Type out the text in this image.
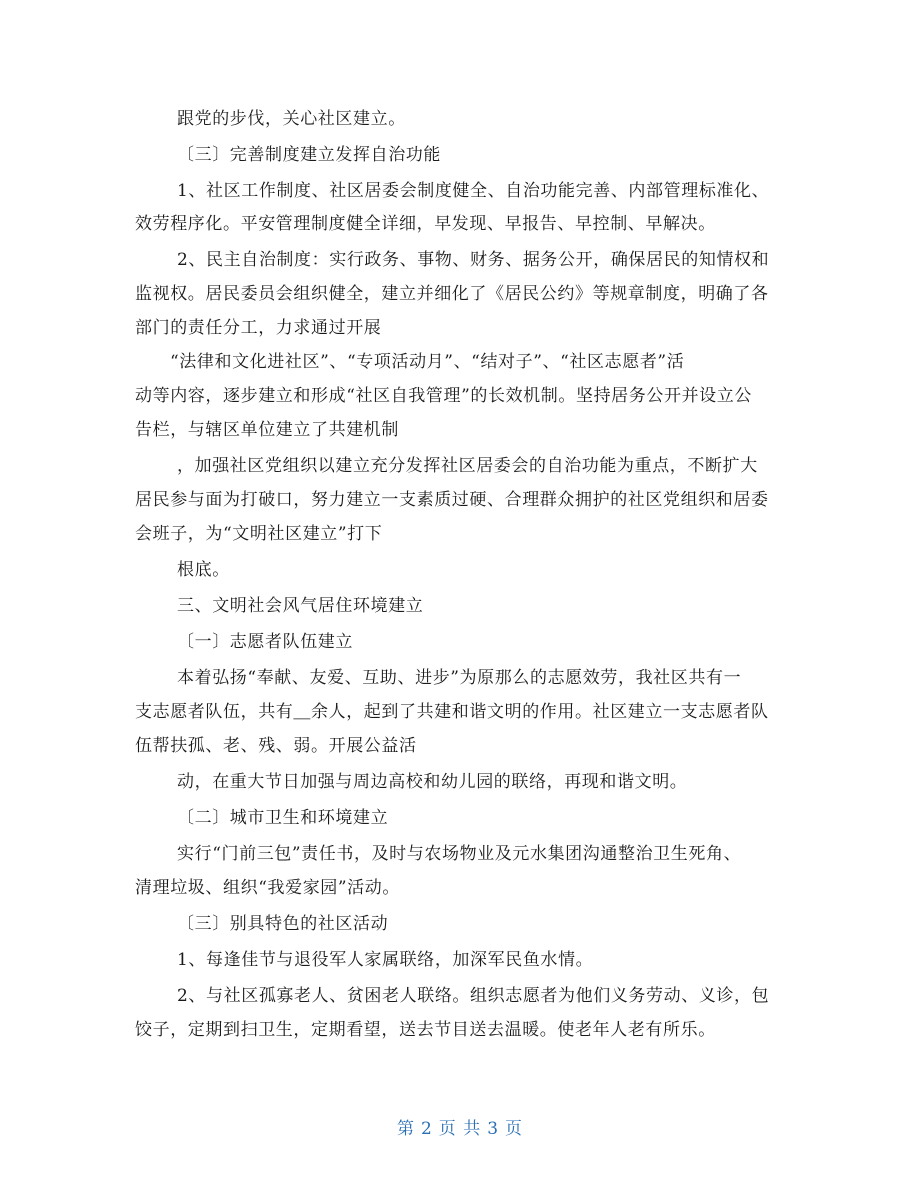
跟党的步伐，关心社区建立。
〔三〕完善制度建立发挥自治功能
1、社区工作制度、社区居委会制度健全、自治功能完善、内部管理标准化、
效劳程序化。平安管理制度健全详细，早发现、早报告、早控制、早解决。
2、民主自治制度：实行政务、事物、财务、据务公开，确保居民的知情权和
监视权。居民委员会组织健全，建立并细化了《居民公约》等规章制度，明确了各
部门的责任分工，力求通过开展
“法律和文化进社区”、“专项活动月”、“结对子”、“社区志愿者”活
动等内容，逐步建立和形成“社区自我管理”的长效机制。坚持居务公开并设立公
告栏，与辖区单位建立了共建机制
，加强社区党组织以建立充分发挥社区居委会的自治功能为重点，不断扩大
居民参与面为打破口，努力建立一支素质过硬、合理群众拥护的社区党组织和居委
会班子，为“文明社区建立”打下
根底。
三、文明社会风气居住环境建立
〔一〕志愿者队伍建立
本着弘扬“奉献、友爱、互助、进步”为原那么的志愿效劳，我社区共有一
支志愿者队伍，共有＿余人，起到了共建和谐文明的作用。社区建立一支志愿者队
伍帮扶孤、老、残、弱。开展公益活
动，在重大节日加强与周边高校和幼儿园的联络，再现和谐文明。
〔二〕城市卫生和环境建立
实行“门前三包”责任书，及时与农场物业及元水集团沟通整治卫生死角、
清理垃圾、组织“我爱家园”活动。
〔三〕别具特色的社区活动
1、每逢佳节与退役军人家属联络，加深军民鱼水情。
2、与社区孤寡老人、贫困老人联络。组织志愿者为他们义务劳动、义诊，包
饺子，定期到扫卫生，定期看望，送去节目送去温暖。使老年人老有所乐。
第 2 页 共 3 页
